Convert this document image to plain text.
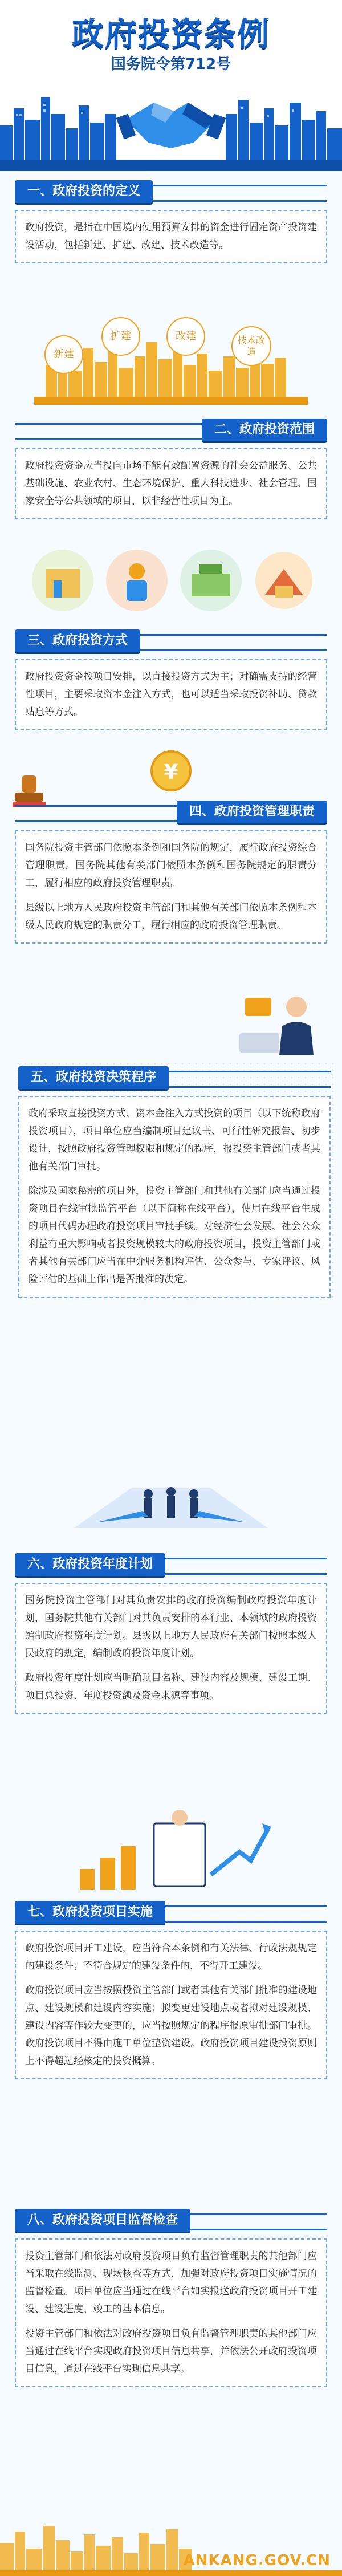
政府投资条例
国务院令第712号
一、政府投资的定义

政府投资，是指在中国境内使用预算安排的资金进行固定资产投资建设活动，包括新建、扩建、改建、技术改造等。

新建
扩建	改建	技术改造
二、政府投资范围

政府投资资金应当投向市场不能有效配置资源的社会公益服务、公共基础设施、农业农村、生态环境保护、重大科技进步、社会管理、国家安全等公共领域的项目，以非经营性项目为主。

三、政府投资方式

政府投资资金按项目安排，以直接投资方式为主；对确需支持的经营性项目，主要采取资本金注入方式，也可以适当采取投资补助、贷款贴息等方式。

¥
四、政府投资管理职责

国务院投资主管部门依照本条例和国务院的规定，履行政府投资综合管理职责。国务院其他有关部门依照本条例和国务院规定的职责分工，履行相应的政府投资管理职责。

县级以上地方人民政府投资主管部门和其他有关部门依照本条例和本级人民政府规定的职责分工，履行相应的政府投资管理职责。

五、政府投资决策程序

政府采取直接投资方式、资本金注入方式投资的项目（以下统称政府投资项目），项目单位应当编制项目建议书、可行性研究报告、初步设计，按照政府投资管理权限和规定的程序，报投资主管部门或者其他有关部门审批。

除涉及国家秘密的项目外，投资主管部门和其他有关部门应当通过投资项目在线审批监管平台（以下简称在线平台），使用在线平台生成的项目代码办理政府投资项目审批手续。对经济社会发展、社会公众利益有重大影响或者投资规模较大的政府投资项目，投资主管部门或者其他有关部门应当在中介服务机构评估、公众参与、专家评议、风险评估的基础上作出是否批准的决定。

六、政府投资年度计划

国务院投资主管部门对其负责安排的政府投资编制政府投资年度计划，国务院其他有关部门对其负责安排的本行业、本领域的政府投资编制政府投资年度计划。县级以上地方人民政府有关部门按照本级人民政府的规定，编制政府投资年度计划。

政府投资年度计划应当明确项目名称、建设内容及规模、建设工期、项目总投资、年度投资额及资金来源等事项。

七、政府投资项目实施

政府投资项目开工建设，应当符合本条例和有关法律、行政法规规定的建设条件；不符合规定的建设条件的，不得开工建设。

政府投资项目应当按照投资主管部门或者其他有关部门批准的建设地点、建设规模和建设内容实施；拟变更建设地点或者拟对建设规模、建设内容等作较大变更的，应当按照规定的程序报原审批部门审批。政府投资项目不得由施工单位垫资建设。政府投资项目建设投资原则上不得超过经核定的投资概算。

八、政府投资项目监督检查

投资主管部门和依法对政府投资项目负有监督管理职责的其他部门应当采取在线监测、现场核查等方式，加强对政府投资项目实施情况的监督检查。项目单位应当通过在线平台如实报送政府投资项目开工建设、建设进度、竣工的基本信息。

投资主管部门和依法对政府投资项目负有监督管理职责的其他部门应当通过在线平台实现政府投资项目信息共享，并依法公开政府投资项目信息，通过在线平台实现信息共享。

ANKANG.GOV.CN
